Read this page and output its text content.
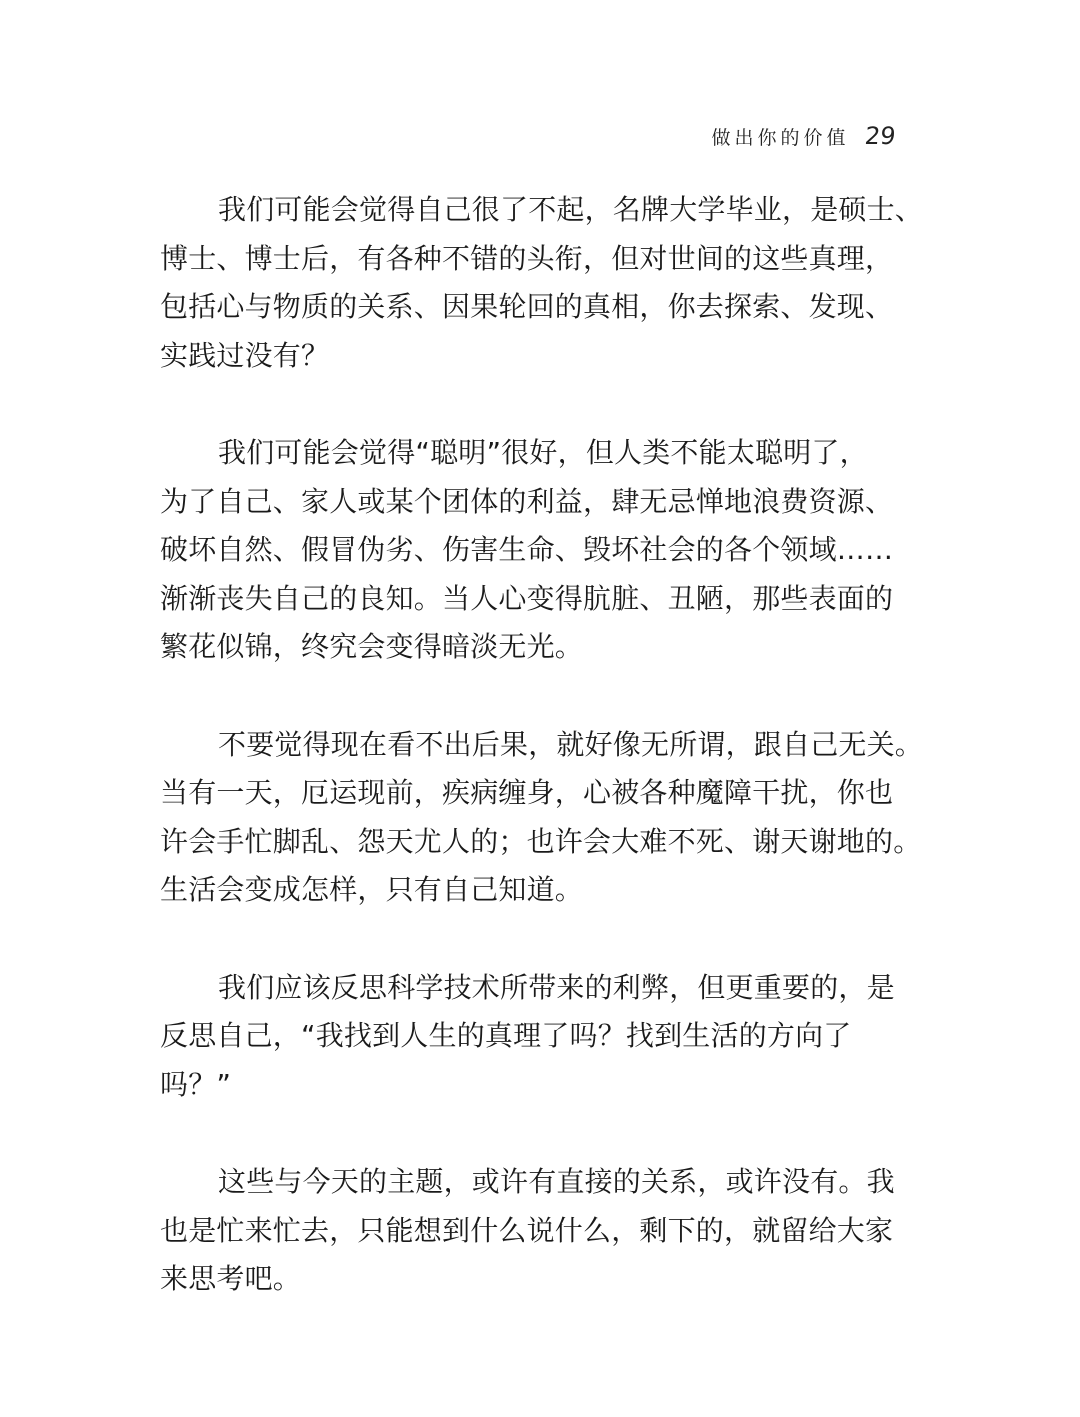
做出你的价值 29
我们可能会觉得自己很了不起，名牌大学毕业，是硕士、
博士、博士后，有各种不错的头衔，但对世间的这些真理，
包括心与物质的关系、因果轮回的真相，你去探索、发现、
实践过没有？
我们可能会觉得“聪明”很好，但人类不能太聪明了，
为了自己、家人或某个团体的利益，肆无忌惮地浪费资源、
破坏自然、假冒伪劣、伤害生命、毁坏社会的各个领域……
渐渐丧失自己的良知。当人心变得肮脏、丑陋，那些表面的
繁花似锦，终究会变得暗淡无光。
不要觉得现在看不出后果，就好像无所谓，跟自己无关。
当有一天，厄运现前，疾病缠身，心被各种魔障干扰，你也
许会手忙脚乱、怨天尤人的；也许会大难不死、谢天谢地的。
生活会变成怎样，只有自己知道。
我们应该反思科学技术所带来的利弊，但更重要的，是
反思自己，“我找到人生的真理了吗？找到生活的方向了
吗？”
这些与今天的主题，或许有直接的关系，或许没有。我
也是忙来忙去，只能想到什么说什么，剩下的，就留给大家
来思考吧。
